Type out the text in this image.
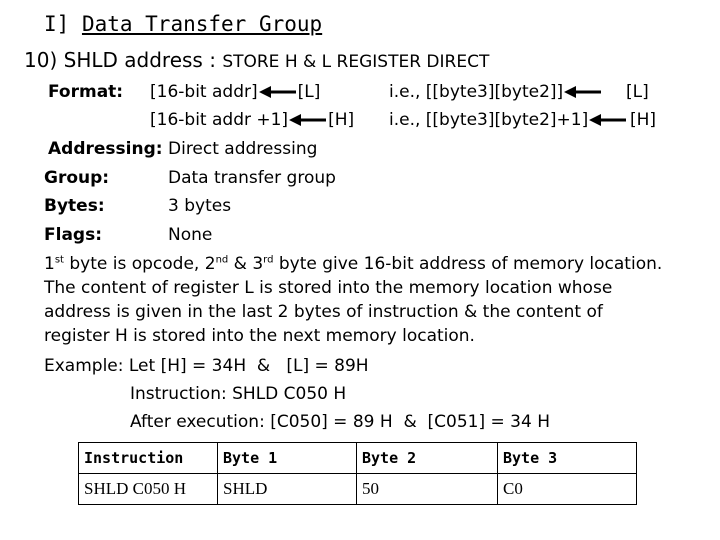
I] Data Transfer Group
10) SHLD address : STORE H & L REGISTER DIRECT
Format: [16-bit addr] [L]	i.e., [[byte3][byte2]]	[L]
[16-bit addr +1] [H] i.e., [[byte3][byte2]+1]	[H]
Addressing: Direct addressing
Group:	Data transfer group
Bytes:	3 bytes
Flags:	None
1st byte is opcode, 2nd & 3rd byte give 16-bit address of memory location.
The content of register L is stored into the memory location whose
address is given in the last 2 bytes of instruction & the content of
register H is stored into the next memory location.
Example: Let [H] = 34H  &   [L] = 89H
Instruction: SHLD C050 H
After execution: [C050] = 89 H  &  [C051] = 34 H
Instruction	Byte 1	Byte 2	Byte 3
SHLD C050 H	SHLD	50	C0
